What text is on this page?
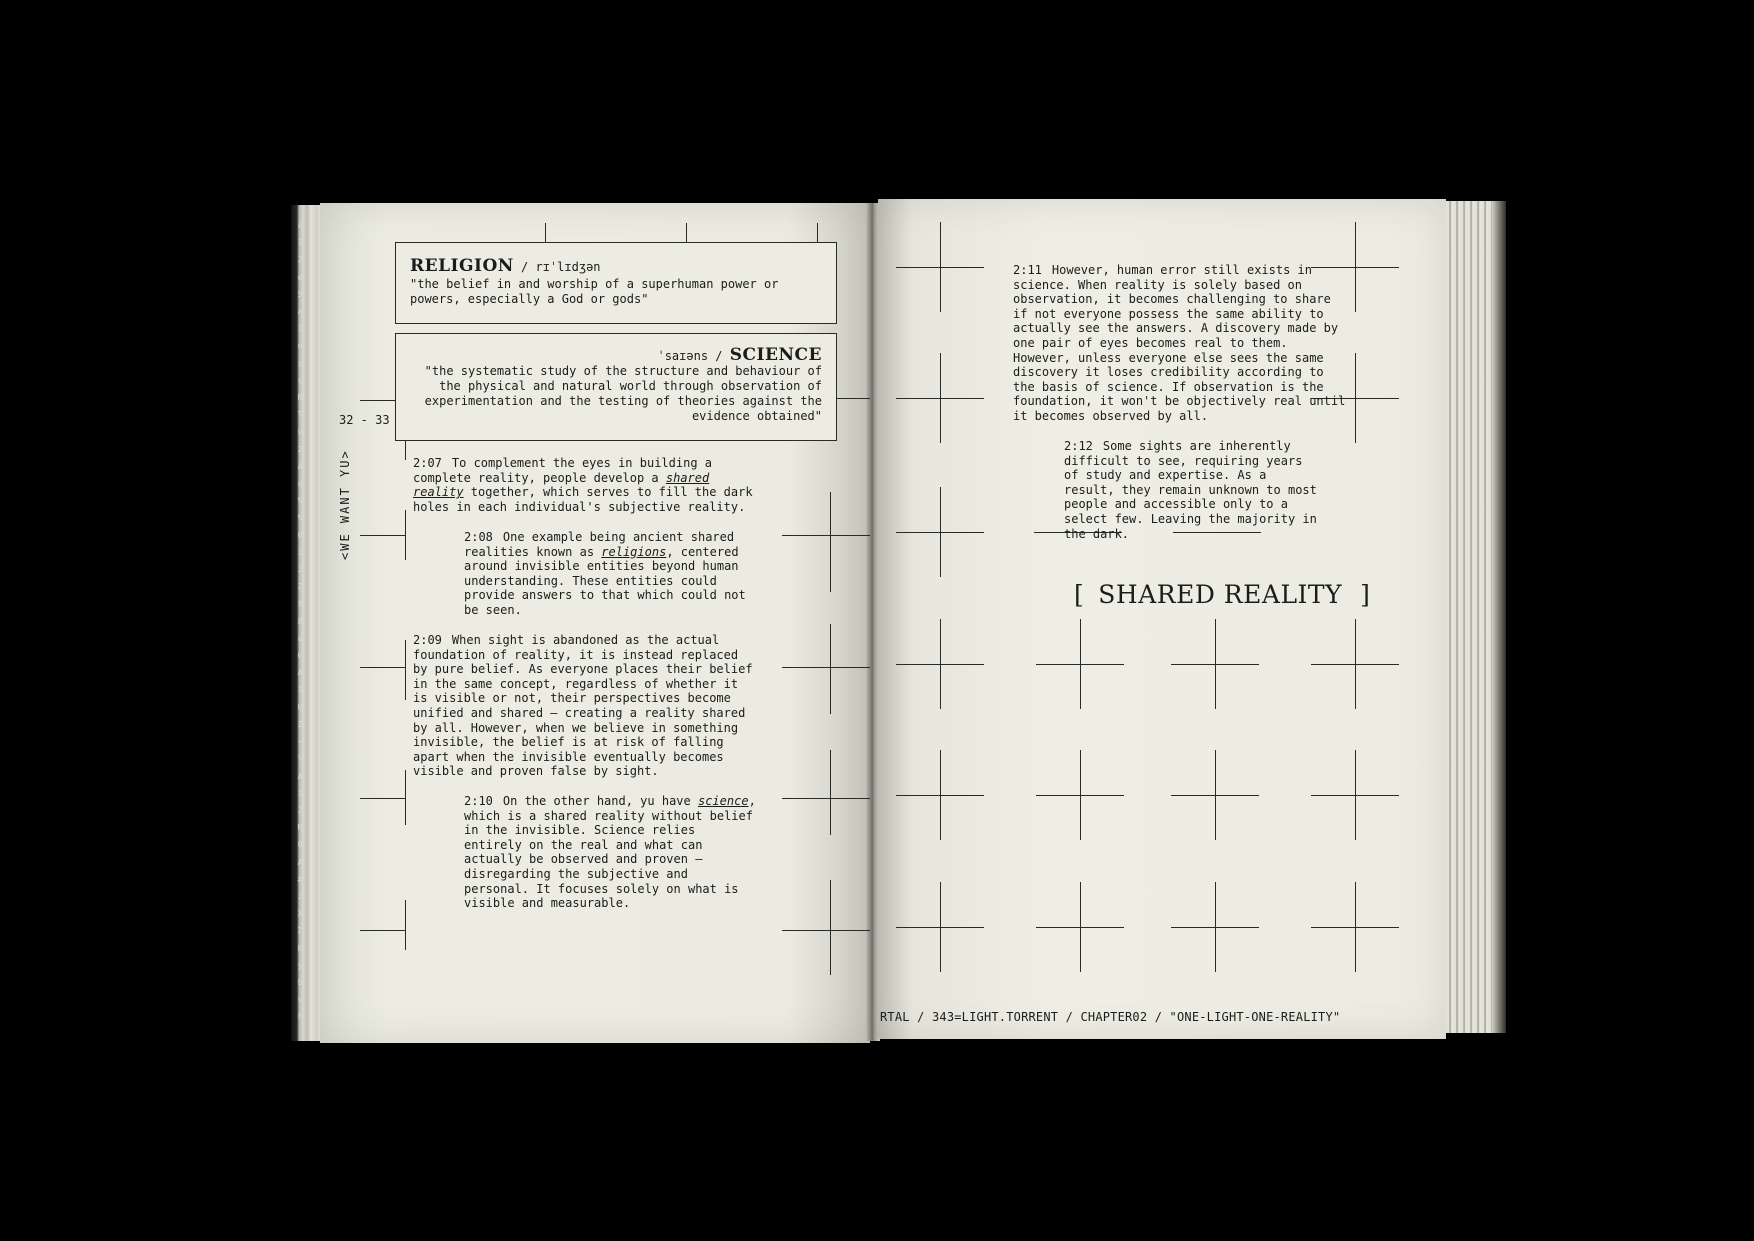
a
1
J
e
5
a
1
o
s
c
N
T
u
2
A
a
9
%
0
i
J
2
$
8
a
G
A
1
U
Z
~
\
A
1
J
M
0
A
#
J
X
Σ
B
y
b
v
F
32 - 33
<WE WANT YU>
RELIGION / rɪˈlɪdʒən
"the belief in and worship of a superhuman power or powers, especially a God or gods"
ˈsaɪəns / SCIENCE
"the systematic study of the structure and behaviour of
the physical and natural world through observation of
experimentation and the testing of theories against the
evidence obtained"
2:07 To complement the eyes in building a complete reality, people develop a shared reality together, which serves to fill the dark holes in each individual's subjective reality.
2:08 One example being ancient shared realities known as religions, centered around invisible entities beyond human understanding. These entities could provide answers to that which could not be seen.
2:09 When sight is abandoned as the actual foundation of reality, it is instead replaced by pure belief. As everyone places their belief in the same concept, regardless of whether it is visible or not, their perspectives become unified and shared – creating a reality shared by all. However, when we believe in something invisible, the belief is at risk of falling apart when the invisible eventually becomes visible and proven false by sight.
2:10 On the other hand, yu have science, which is a shared reality without belief in the invisible. Science relies entirely on the real and what can actually be observed and proven – disregarding the subjective and personal. It focuses solely on what is visible and measurable.
2:11 However, human error still exists in science. When reality is solely based on observation, it becomes challenging to share if not everyone possess the same ability to actually see the answers. A discovery made by one pair of eyes becomes real to them. However, unless everyone else sees the same discovery it loses credibility according to the basis of science. If observation is the foundation, it won't be objectively real until it becomes observed by all.
2:12 Some sights are inherently difficult to see, requiring years of study and expertise. As a result, they remain unknown to most people and accessible only to a select few. Leaving the majority in the dark.
[ SHARED REALITY ]
RTAL / 343=LIGHT.TORRENT / CHAPTER02 / "ONE-LIGHT-ONE-REALITY"
